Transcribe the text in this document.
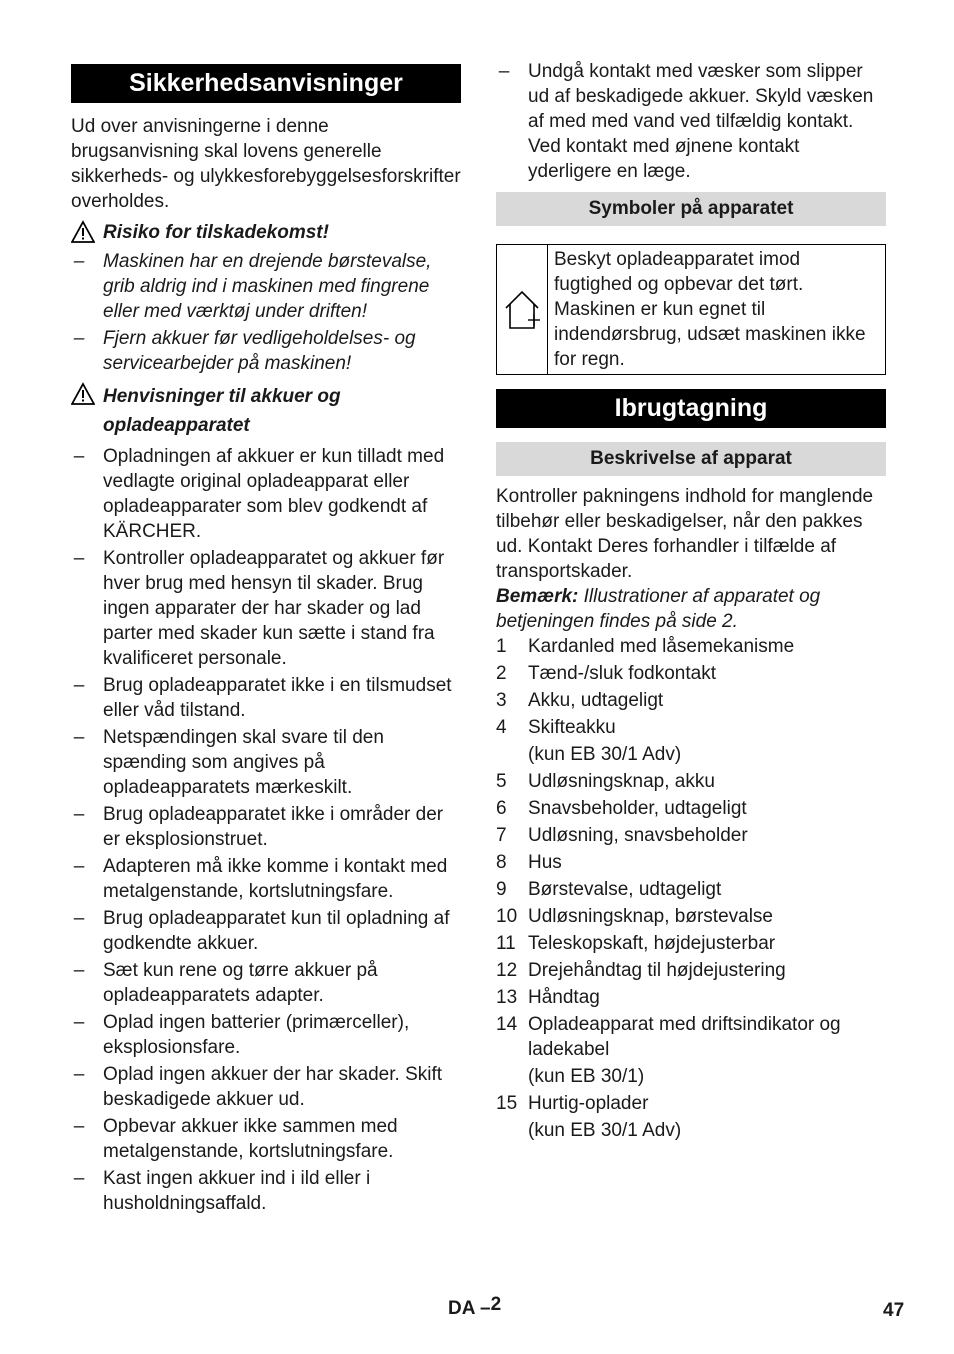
Sikkerhedsanvisninger

Ud over anvisningerne i denne brugsanvisning skal lovens generelle sikkerheds- og ulykkesforebyggelsesforskrifter overholdes.

Risiko for tilskadekomst!
– Maskinen har en drejende børstevalse, grib aldrig ind i maskinen med fingrene eller med værktøj under driften!
– Fjern akkuer før vedligeholdelses- og servicearbejder på maskinen!
Henvisninger til akkuer og opladeapparatet
– Opladningen af akkuer er kun tilladt med vedlagte original opladeapparat eller opladeapparater som blev godkendt af KÄRCHER.
– Kontroller opladeapparatet og akkuer før hver brug med hensyn til skader. Brug ingen apparater der har skader og lad parter med skader kun sætte i stand fra kvalificeret personale.
– Brug opladeapparatet ikke i en tilsmudset eller våd tilstand.
– Netspændingen skal svare til den spænding som angives på opladeapparatets mærkeskilt.
– Brug opladeapparatet ikke i områder der er eksplosionstruet.
– Adapteren må ikke komme i kontakt med metalgenstande, kortslutningsfare.
– Brug opladeapparatet kun til opladning af godkendte akkuer.
– Sæt kun rene og tørre akkuer på opladeapparatets adapter.
– Oplad ingen batterier (primærceller), eksplosionsfare.
– Oplad ingen akkuer der har skader. Skift beskadigede akkuer ud.
– Opbevar akkuer ikke sammen med metalgenstande, kortslutningsfare.
– Kast ingen akkuer ind i ild eller i husholdningsaffald.
– Undgå kontakt med væsker som slipper ud af beskadigede akkuer. Skyld væsken af med med vand ved tilfældig kontakt. Ved kontakt med øjnene kontakt yderligere en læge.
Symboler på apparatet
Beskyt opladeapparatet imod fugtighed og opbevar det tørt. Maskinen er kun egnet til indendørsbrug, udsæt maskinen ikke for regn.
Ibrugtagning
Beskrivelse af apparat

Kontroller pakningens indhold for manglende tilbehør eller beskadigelser, når den pakkes ud. Kontakt Deres forhandler i tilfælde af transportskader.

Bemærk: Illustrationer af apparatet og betjeningen findes på side 2.

1 Kardanled med låsemekanisme
2 Tænd-/sluk fodkontakt
3 Akku, udtageligt
4 Skifteakku
(kun EB 30/1 Adv)
5 Udløsningsknap, akku
6 Snavsbeholder, udtageligt
7 Udløsning, snavsbeholder
8 Hus
9 Børstevalse, udtageligt
10 Udløsningsknap, børstevalse
11 Teleskopskaft, højdejusterbar
12 Drejehåndtag til højdejustering
13 Håndtag
14 Opladeapparat med driftsindikator og ladekabel
(kun EB 30/1)
15 Hurtig-oplader
(kun EB 30/1 Adv)
DA –2	47
